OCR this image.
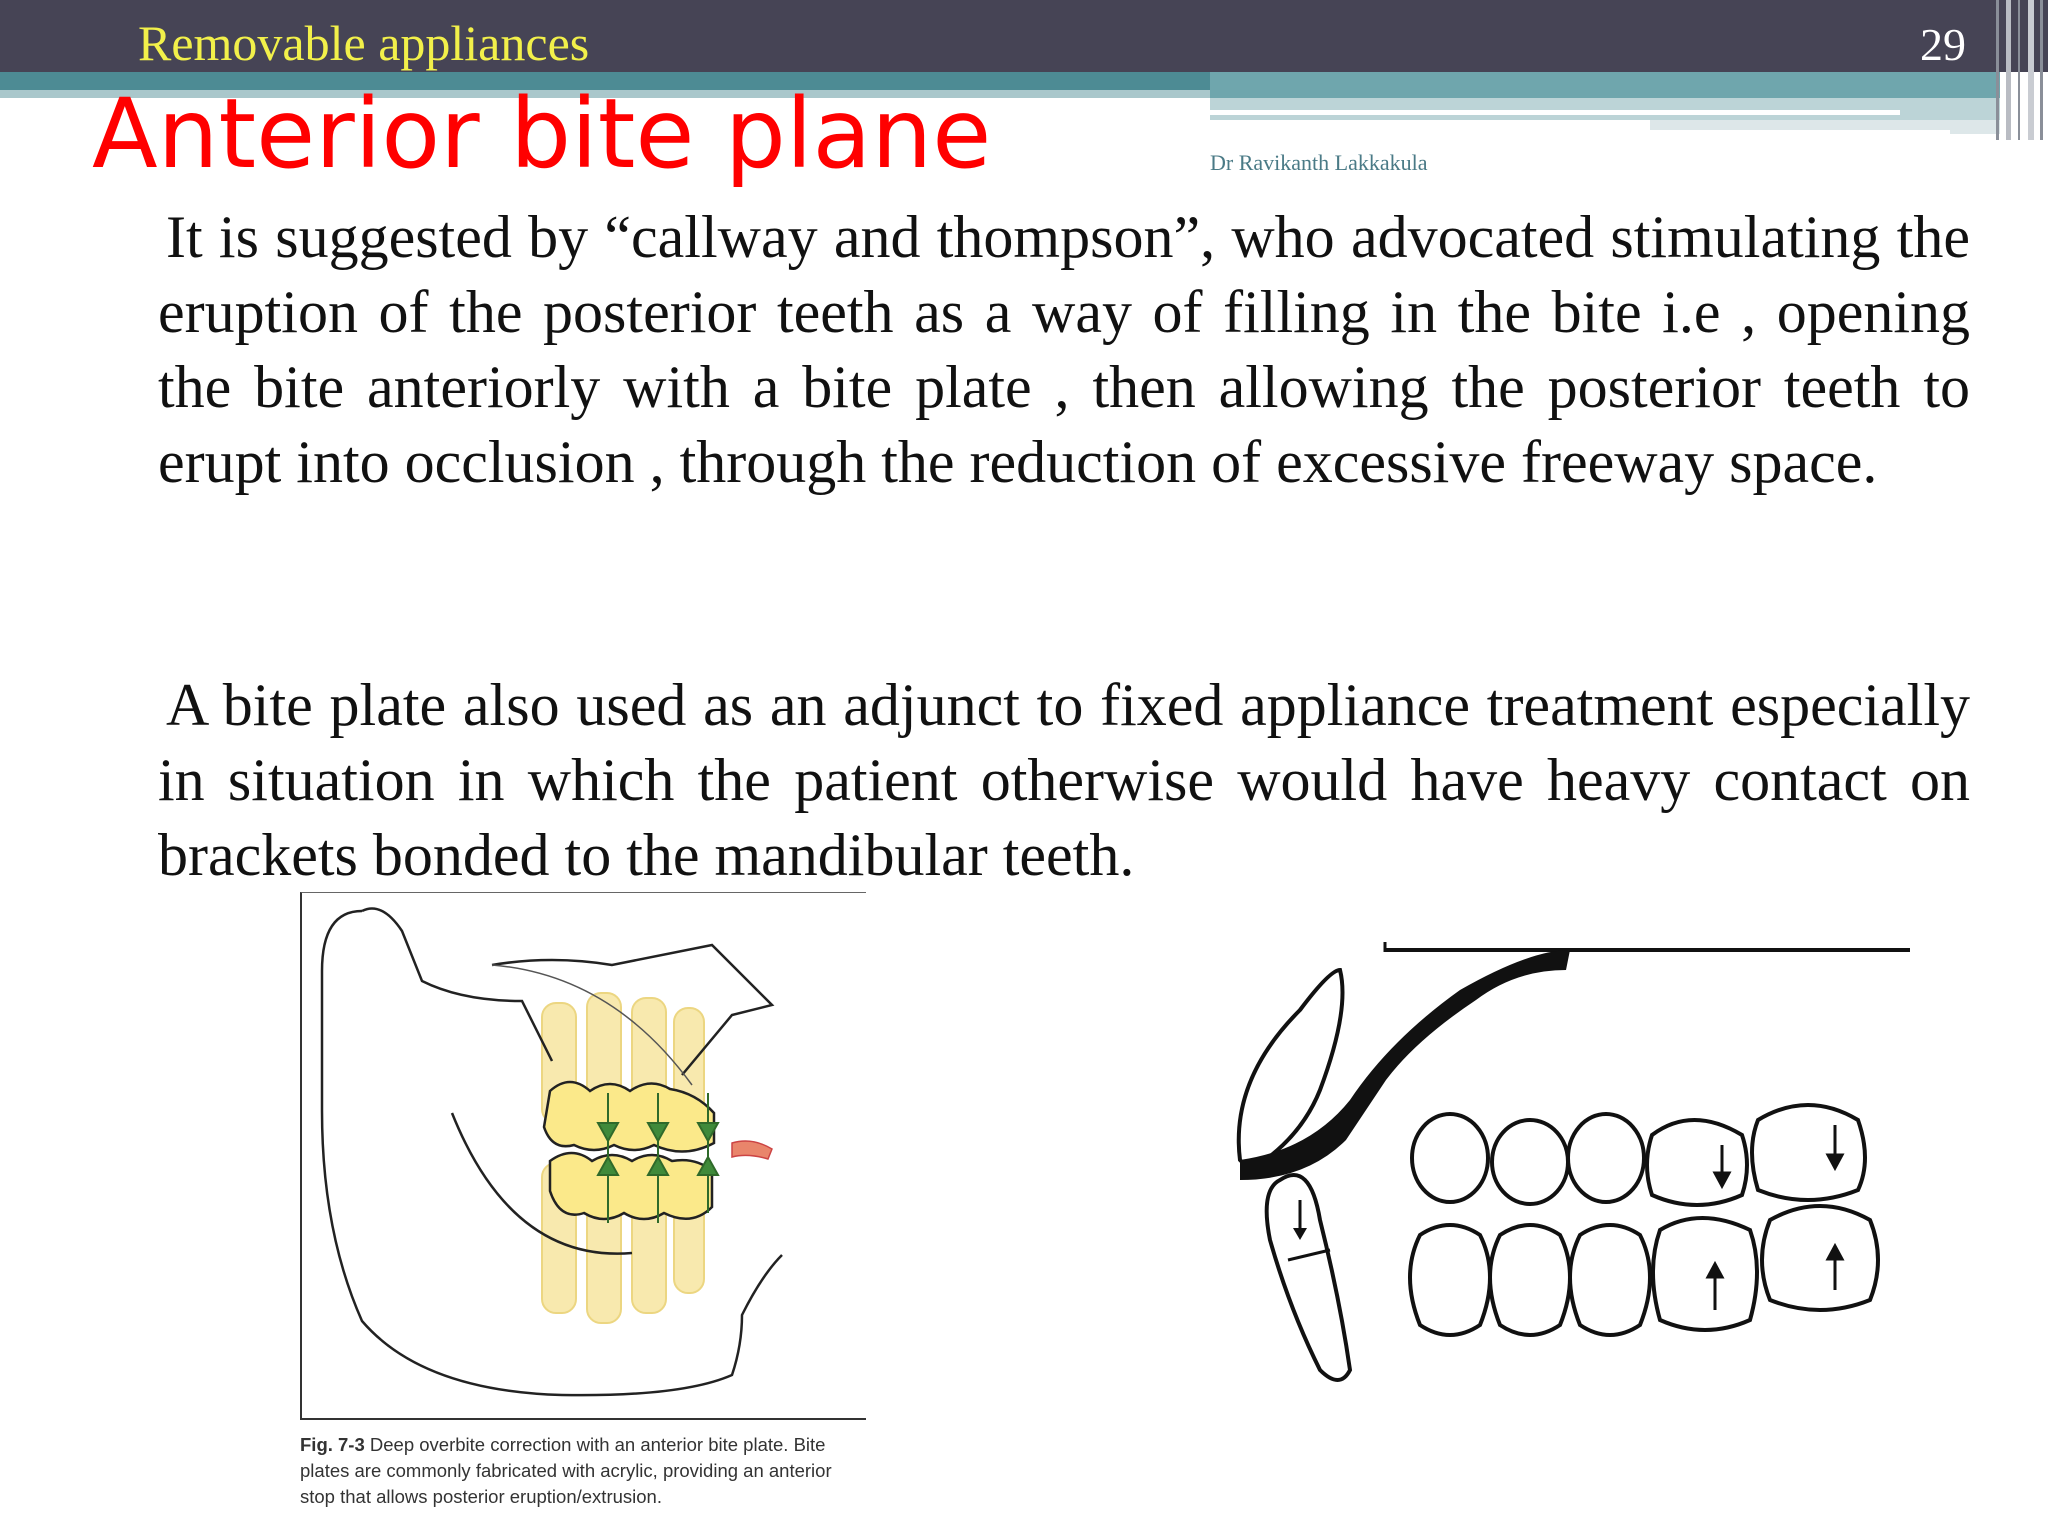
Removable appliances	29
Anterior bite plane	Dr Ravikanth Lakkakula
It is suggested by “callway and thompson”, who advocated stimulating the eruption of the posterior teeth as a way of filling in the bite i.e , opening the bite anteriorly with a bite plate , then allowing the posterior teeth to erupt into occlusion , through the reduction of excessive freeway space.
A bite plate also used as an adjunct to fixed appliance treatment especially in situation in which the patient otherwise would have heavy contact on brackets bonded to the mandibular teeth.
Fig. 7-3 Deep overbite correction with an anterior bite plate. Bite plates are commonly fabricated with acrylic, providing an anterior stop that allows posterior eruption/extrusion.
